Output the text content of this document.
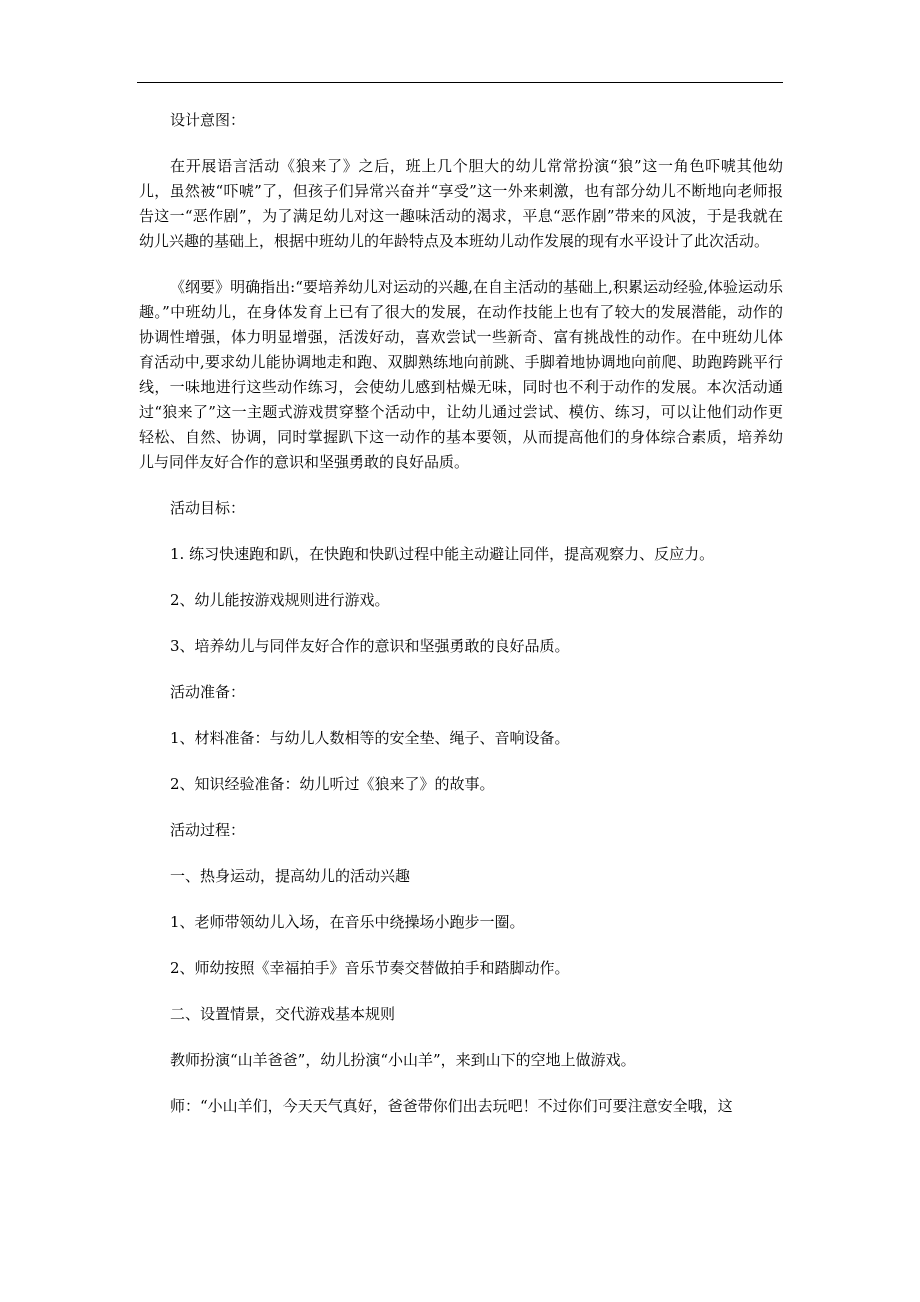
设计意图：

在开展语言活动《狼来了》之后，班上几个胆大的幼儿常常扮演“狼”这一角色吓唬其他幼儿，虽然被“吓唬”了，但孩子们异常兴奋并“享受”这一外来刺激，也有部分幼儿不断地向老师报告这一“恶作剧”，为了满足幼儿对这一趣味活动的渴求，平息“恶作剧”带来的风波，于是我就在幼儿兴趣的基础上，根据中班幼儿的年龄特点及本班幼儿动作发展的现有水平设计了此次活动。

《纲要》明确指出:“要培养幼儿对运动的兴趣,在自主活动的基础上,积累运动经验,体验运动乐趣。”中班幼儿，在身体发育上已有了很大的发展，在动作技能上也有了较大的发展潜能，动作的协调性增强，体力明显增强，活泼好动，喜欢尝试一些新奇、富有挑战性的动作。在中班幼儿体育活动中,要求幼儿能协调地走和跑、双脚熟练地向前跳、手脚着地协调地向前爬、助跑跨跳平行线，一味地进行这些动作练习，会使幼儿感到枯燥无味，同时也不利于动作的发展。本次活动通过“狼来了”这一主题式游戏贯穿整个活动中，让幼儿通过尝试、模仿、练习，可以让他们动作更轻松、自然、协调，同时掌握趴下这一动作的基本要领，从而提高他们的身体综合素质，培养幼儿与同伴友好合作的意识和坚强勇敢的良好品质。

活动目标：

1. 练习快速跑和趴，在快跑和快趴过程中能主动避让同伴，提高观察力、反应力。

2、幼儿能按游戏规则进行游戏。

3、培养幼儿与同伴友好合作的意识和坚强勇敢的良好品质。

活动准备：

1、材料准备：与幼儿人数相等的安全垫、绳子、音响设备。

2、知识经验准备：幼儿听过《狼来了》的故事。

活动过程：

一、热身运动，提高幼儿的活动兴趣

1、老师带领幼儿入场，在音乐中绕操场小跑步一圈。

2、师幼按照《幸福拍手》音乐节奏交替做拍手和踏脚动作。

二、设置情景，交代游戏基本规则

教师扮演“山羊爸爸”，幼儿扮演“小山羊”，来到山下的空地上做游戏。

师：“小山羊们，今天天气真好，爸爸带你们出去玩吧！不过你们可要注意安全哦，这
